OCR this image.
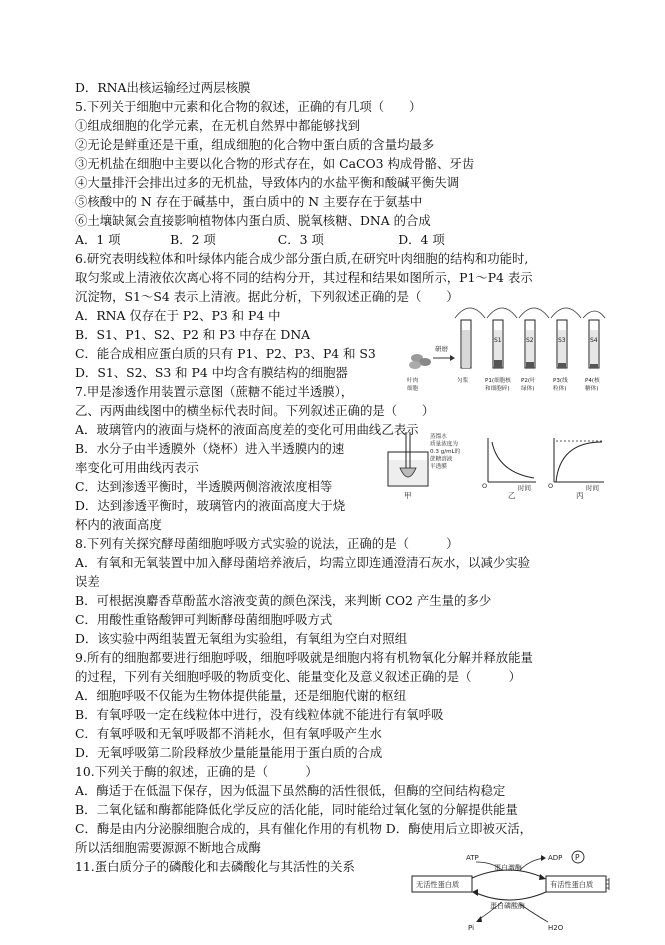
D．RNA出核运输经过两层核膜
5.下列关于细胞中元素和化合物的叙述，正确的有几项（　　）
①组成细胞的化学元素，在无机自然界中都能够找到
②无论是鲜重还是干重，组成细胞的化合物中蛋白质的含量均最多
③无机盐在细胞中主要以化合物的形式存在，如 CaCO3 构成骨骼、牙齿
④大量排汗会排出过多的无机盐，导致体内的水盐平衡和酸碱平衡失调
⑤核酸中的 N 存在于碱基中，蛋白质中的 N 主要存在于氨基中
⑥土壤缺氮会直接影响植物体内蛋白质、脱氧核糖、DNA 的合成
A．1 项　　　　B．2 项　　　　　C．3 项　　　　　　D．4 项
6.研究表明线粒体和叶绿体内能合成少部分蛋白质,在研究叶肉细胞的结构和功能时,
取匀浆或上清液依次离心将不同的结构分开，其过程和结果如图所示，P1～P4 表示
沉淀物，S1～S4 表示上清液。据此分析，下列叙述正确的是（　　）
A．RNA 仅存在于 P2、P3 和 P4 中
B．S1、P1、S2、P2 和 P3 中存在 DNA
C．能合成相应蛋白质的只有 P1、P2、P3、P4 和 S3
D．S1、S2、S3 和 P4 中均含有膜结构的细胞器
7.甲是渗透作用装置示意图（蔗糖不能过半透膜），
乙、丙两曲线图中的横坐标代表时间。下列叙述正确的是（　　）
A．玻璃管内的液面与烧杯的液面高度差的变化可用曲线乙表示
B．水分子由半透膜外（烧杯）进入半透膜内的速
率变化可用曲线丙表示
C．达到渗透平衡时，半透膜两侧溶液浓度相等
D．达到渗透平衡时，玻璃管内的液面高度大于烧
杯内的液面高度
8.下列有关探究酵母菌细胞呼吸方式实验的说法，正确的是（　　　）
A．有氧和无氧装置中加入酵母菌培养液后，均需立即连通澄清石灰水，以减少实验
误差
B．可根据溴麝香草酚蓝水溶液变黄的颜色深浅，来判断 CO2 产生量的多少
C．用酸性重铬酸钾可判断酵母菌细胞呼吸方式
D．该实验中两组装置无氧组为实验组，有氧组为空白对照组
9.所有的细胞都要进行细胞呼吸，细胞呼吸就是细胞内将有机物氧化分解并释放能量
的过程，下列有关细胞呼吸的物质变化、能量变化及意义叙述正确的是（　　　）
A．细胞呼吸不仅能为生物体提供能量，还是细胞代谢的枢纽
B．有氧呼吸一定在线粒体中进行，没有线粒体就不能进行有氧呼吸
C．有氧呼吸和无氧呼吸都不消耗水，但有氧呼吸产生水
D．无氧呼吸第二阶段释放少量能量能用于蛋白质的合成
10.下列关于酶的叙述，正确的是（　　　）
A．酶适于在低温下保存，因为低温下虽然酶的活性很低，但酶的空间结构稳定
B．二氧化锰和酶都能降低化学反应的活化能，同时能给过氧化氢的分解提供能量
C．酶是由内分泌腺细胞合成的，具有催化作用的有机物 D．酶使用后立即被灭活，
所以活细胞需要源源不断地合成酶
11.蛋白质分子的磷酸化和去磷酸化与其活性的关系
研磨
S1	S2	S3	S4
叶肉
细胞
匀浆	P1(细胞核
和细胞碎)
P2(叶
绿体)
P3(线
粒体)
P4(核
糖体)
蒸馏水
质量浓度为
0.3 g/mL的
蔗糖溶液
半透膜
O	O
时间	时间
甲	乙	丙
无活性蛋白质	有活性蛋白质
ATP
蛋白激酶
ADP P
蛋白磷酸酶
Pi	H2O
